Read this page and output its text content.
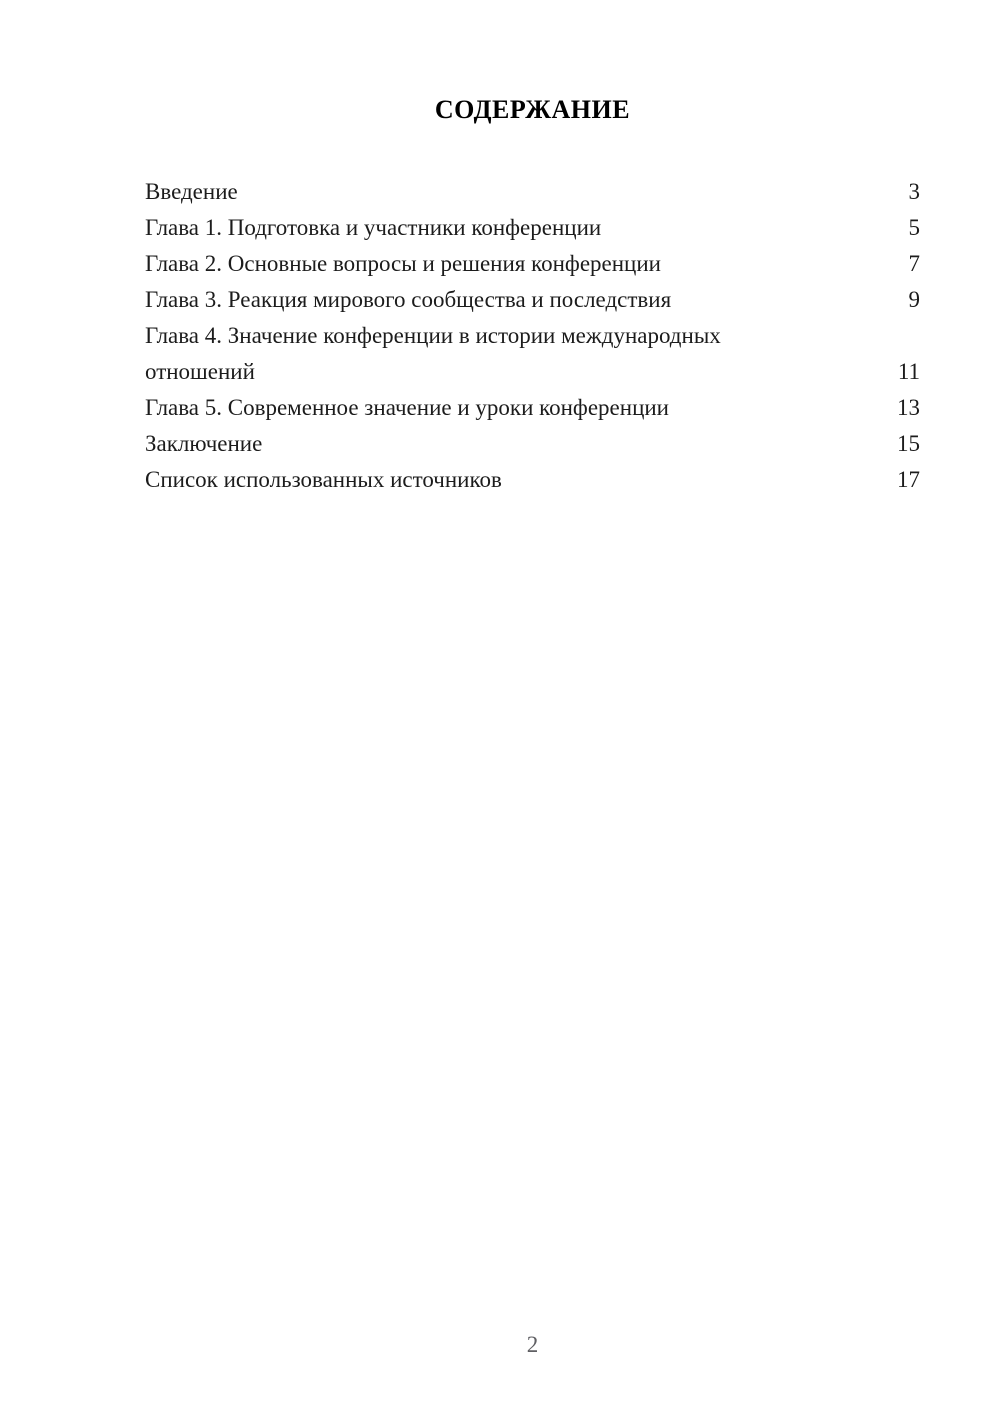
СОДЕРЖАНИЕ
Введение	3
Глава 1. Подготовка и участники конференции	5
Глава 2. Основные вопросы и решения конференции	7
Глава 3. Реакция мирового сообщества и последствия	9
Глава 4. Значение конференции в истории международных отношений	11
Глава 5. Современное значение и уроки конференции	13
Заключение	15
Список использованных источников	17
2
